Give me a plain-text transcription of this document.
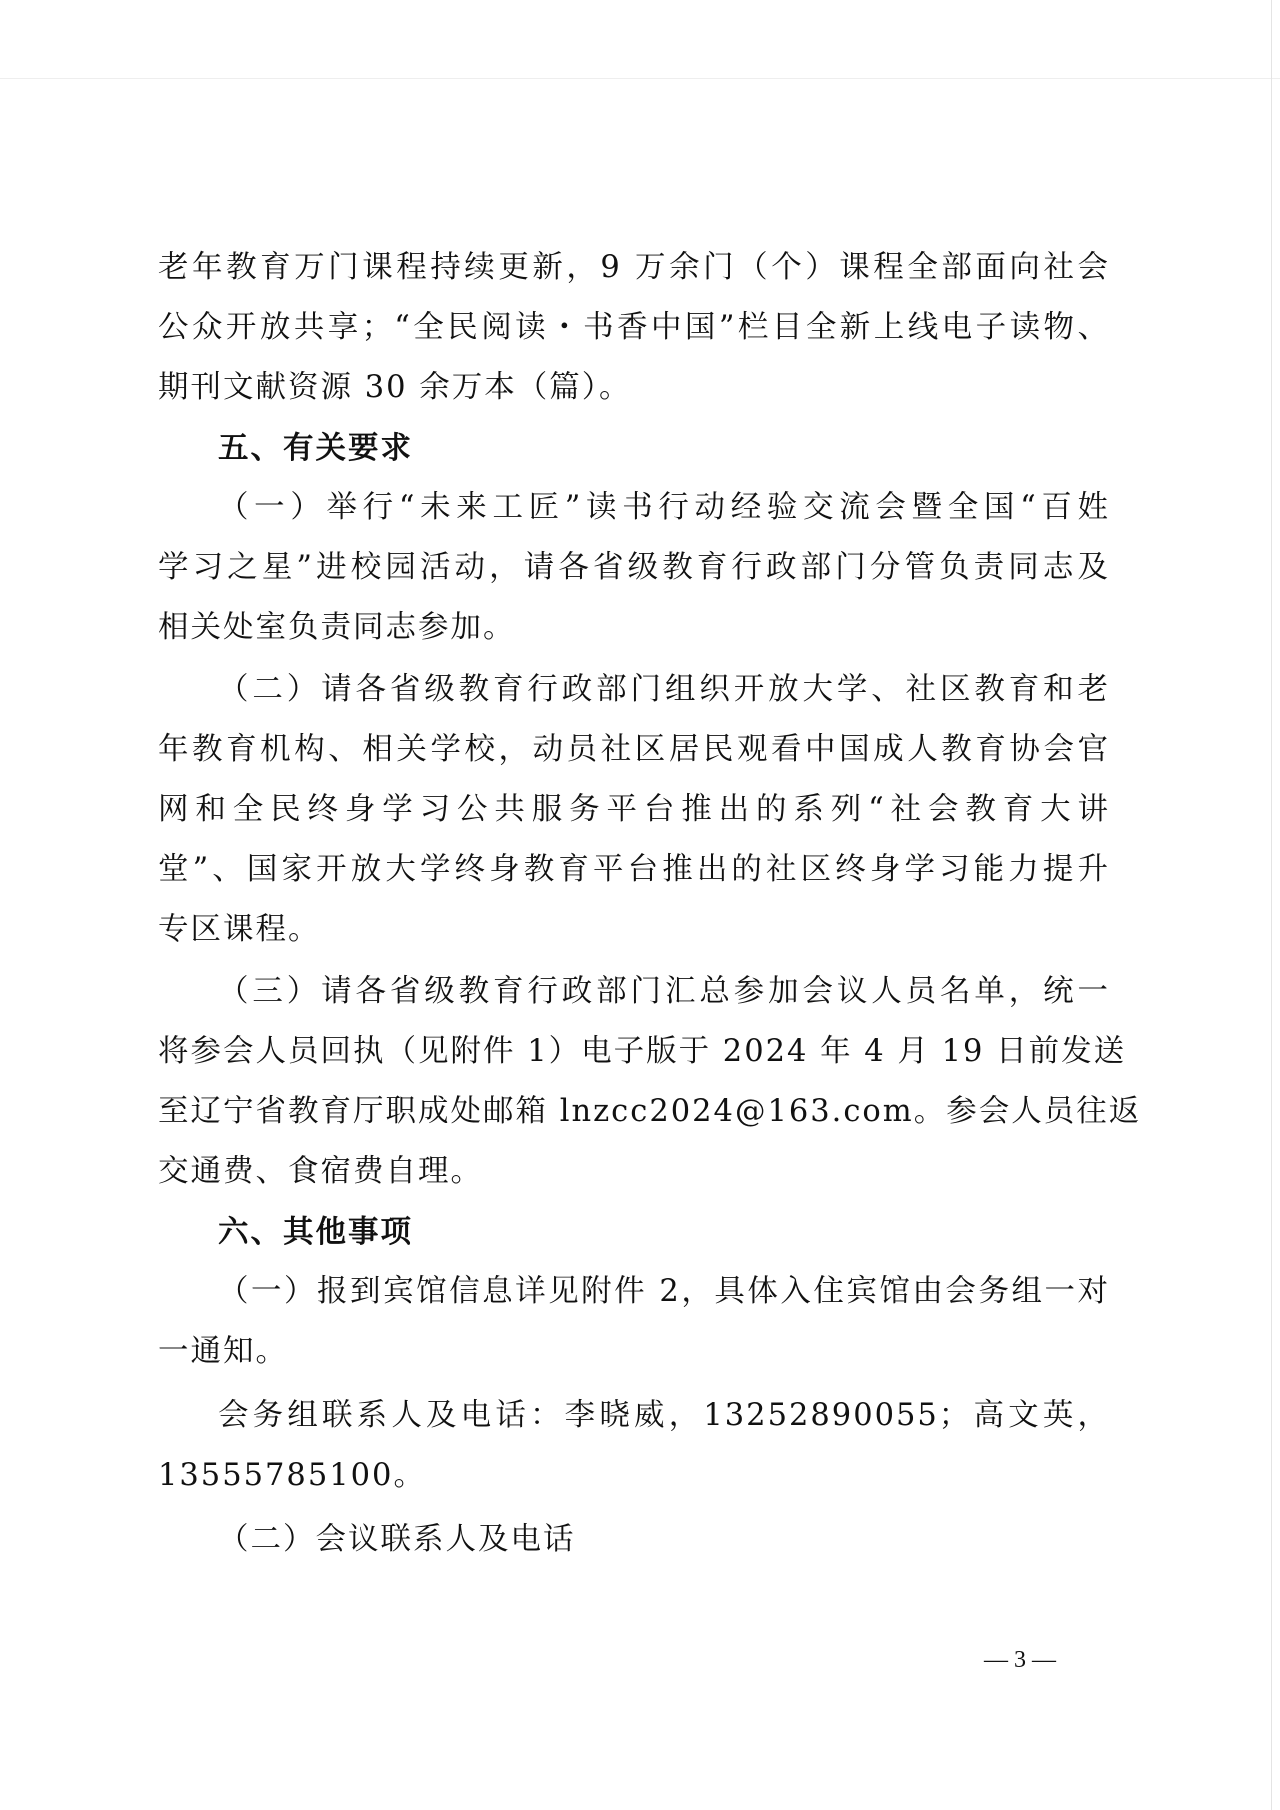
老年教育万门课程持续更新，9 万余门（个）课程全部面向社会
公众开放共享；“全民阅读・书香中国”栏目全新上线电子读物、
期刊文献资源 30 余万本（篇）。
五、有关要求
（一）举行“未来工匠”读书行动经验交流会暨全国“百姓
学习之星”进校园活动，请各省级教育行政部门分管负责同志及
相关处室负责同志参加。
（二）请各省级教育行政部门组织开放大学、社区教育和老
年教育机构、相关学校，动员社区居民观看中国成人教育协会官
网和全民终身学习公共服务平台推出的系列“社会教育大讲
堂”、国家开放大学终身教育平台推出的社区终身学习能力提升
专区课程。
（三）请各省级教育行政部门汇总参加会议人员名单，统一
将参会人员回执（见附件 1）电子版于 2024 年 4 月 19 日前发送
至辽宁省教育厅职成处邮箱 lnzcc2024@163.com。参会人员往返
交通费、食宿费自理。
六、其他事项
（一）报到宾馆信息详见附件 2，具体入住宾馆由会务组一对
一通知。
会务组联系人及电话：李晓威，13252890055；高文英，
13555785100。
（二）会议联系人及电话
— 3 —
